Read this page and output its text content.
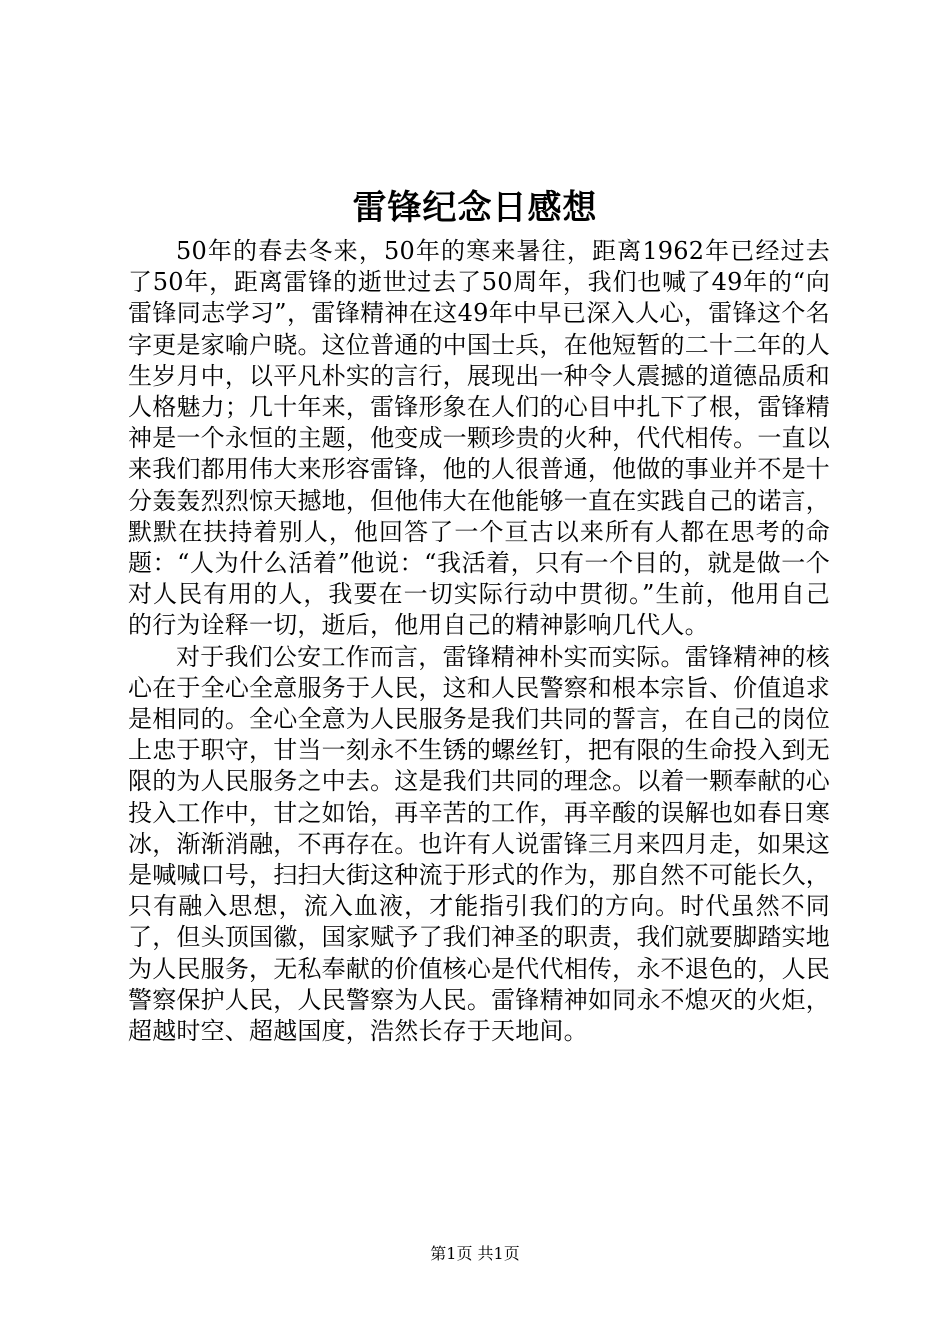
雷锋纪念日感想

50年的春去冬来，50年的寒来暑往，距离1962年已经过去了50年，距离雷锋的逝世过去了50周年，我们也喊了49年的“向雷锋同志学习”，雷锋精神在这49年中早已深入人心，雷锋这个名字更是家喻户晓。这位普通的中国士兵，在他短暂的二十二年的人生岁月中，以平凡朴实的言行，展现出一种令人震撼的道德品质和人格魅力；几十年来，雷锋形象在人们的心目中扎下了根，雷锋精神是一个永恒的主题，他变成一颗珍贵的火种，代代相传。一直以来我们都用伟大来形容雷锋，他的人很普通，他做的事业并不是十分轰轰烈烈惊天撼地，但他伟大在他能够一直在实践自己的诺言，默默在扶持着别人，他回答了一个亘古以来所有人都在思考的命题：“人为什么活着”他说：“我活着，只有一个目的，就是做一个对人民有用的人，我要在一切实际行动中贯彻。”生前，他用自己的行为诠释一切，逝后，他用自己的精神影响几代人。

对于我们公安工作而言，雷锋精神朴实而实际。雷锋精神的核心在于全心全意服务于人民，这和人民警察和根本宗旨、价值追求是相同的。全心全意为人民服务是我们共同的誓言，在自己的岗位上忠于职守，甘当一刻永不生锈的螺丝钉，把有限的生命投入到无限的为人民服务之中去。这是我们共同的理念。以着一颗奉献的心投入工作中，甘之如饴，再辛苦的工作，再辛酸的误解也如春日寒冰，渐渐消融，不再存在。也许有人说雷锋三月来四月走，如果这是喊喊口号，扫扫大街这种流于形式的作为，那自然不可能长久，只有融入思想，流入血液，才能指引我们的方向。时代虽然不同了，但头顶国徽，国家赋予了我们神圣的职责，我们就要脚踏实地为人民服务，无私奉献的价值核心是代代相传，永不退色的，人民警察保护人民，人民警察为人民。雷锋精神如同永不熄灭的火炬，超越时空、超越国度，浩然长存于天地间。

第1页 共1页
